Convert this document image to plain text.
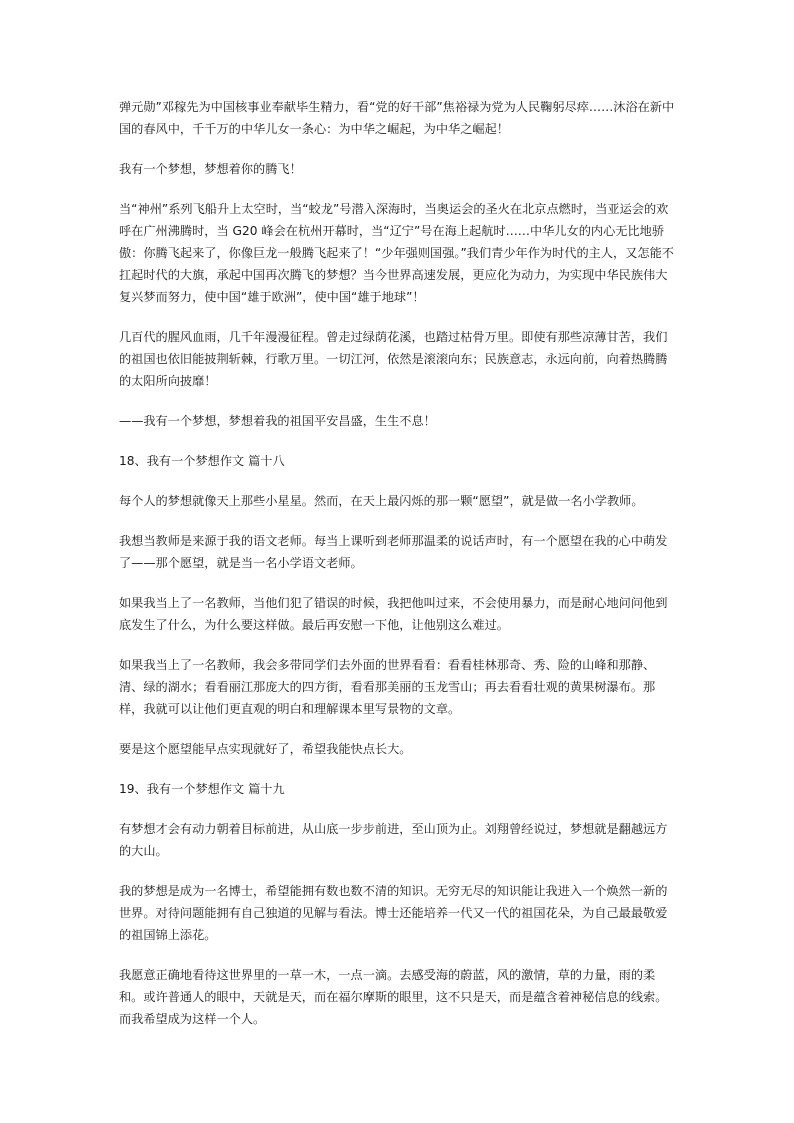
弹元勋”邓稼先为中国核事业奉献毕生精力，看“党的好干部”焦裕禄为党为人民鞠躬尽瘁……沐浴在新中国的春风中，千千万的中华儿女一条心：为中华之崛起，为中华之崛起！

我有一个梦想，梦想着你的腾飞！

当“神州”系列飞船升上太空时，当“蛟龙”号潜入深海时，当奥运会的圣火在北京点燃时，当亚运会的欢呼在广州沸腾时，当 G20 峰会在杭州开幕时，当“辽宁”号在海上起航时……中华儿女的内心无比地骄傲：你腾飞起来了，你像巨龙一般腾飞起来了！“少年强则国强。”我们青少年作为时代的主人，又怎能不扛起时代的大旗，承起中国再次腾飞的梦想？当今世界高速发展，更应化为动力，为实现中华民族伟大复兴梦而努力，使中国“雄于欧洲”，使中国“雄于地球”！

几百代的腥风血雨，几千年漫漫征程。曾走过绿荫花溪，也踏过枯骨万里。即使有那些凉薄甘苦，我们的祖国也依旧能披荆斩棘，行歌万里。一切江河，依然是滚滚向东；民族意志，永远向前，向着热腾腾的太阳所向披靡！

——我有一个梦想，梦想着我的祖国平安昌盛，生生不息！

18、我有一个梦想作文 篇十八

每个人的梦想就像天上那些小星星。然而，在天上最闪烁的那一颗“愿望”，就是做一名小学教师。

我想当教师是来源于我的语文老师。每当上课听到老师那温柔的说话声时，有一个愿望在我的心中萌发了——那个愿望，就是当一名小学语文老师。

如果我当上了一名教师，当他们犯了错误的时候，我把他叫过来，不会使用暴力，而是耐心地问问他到底发生了什么，为什么要这样做。最后再安慰一下他，让他别这么难过。

如果我当上了一名教师，我会多带同学们去外面的世界看看：看看桂林那奇、秀、险的山峰和那静、清、绿的湖水；看看丽江那庞大的四方街，看看那美丽的玉龙雪山；再去看看壮观的黄果树瀑布。那样，我就可以让他们更直观的明白和理解课本里写景物的文章。

要是这个愿望能早点实现就好了，希望我能快点长大。

19、我有一个梦想作文 篇十九

有梦想才会有动力朝着目标前进，从山底一步步前进，至山顶为止。刘翔曾经说过，梦想就是翻越远方的大山。

我的梦想是成为一名博士，希望能拥有数也数不清的知识。无穷无尽的知识能让我进入一个焕然一新的世界。对待问题能拥有自己独道的见解与看法。博士还能培养一代又一代的祖国花朵，为自己最最敬爱的祖国锦上添花。

我愿意正确地看待这世界里的一草一木，一点一滴。去感受海的蔚蓝，风的激情，草的力量，雨的柔和。或许普通人的眼中，天就是天，而在福尔摩斯的眼里，这不只是天，而是蕴含着神秘信息的线索。而我希望成为这样一个人。
